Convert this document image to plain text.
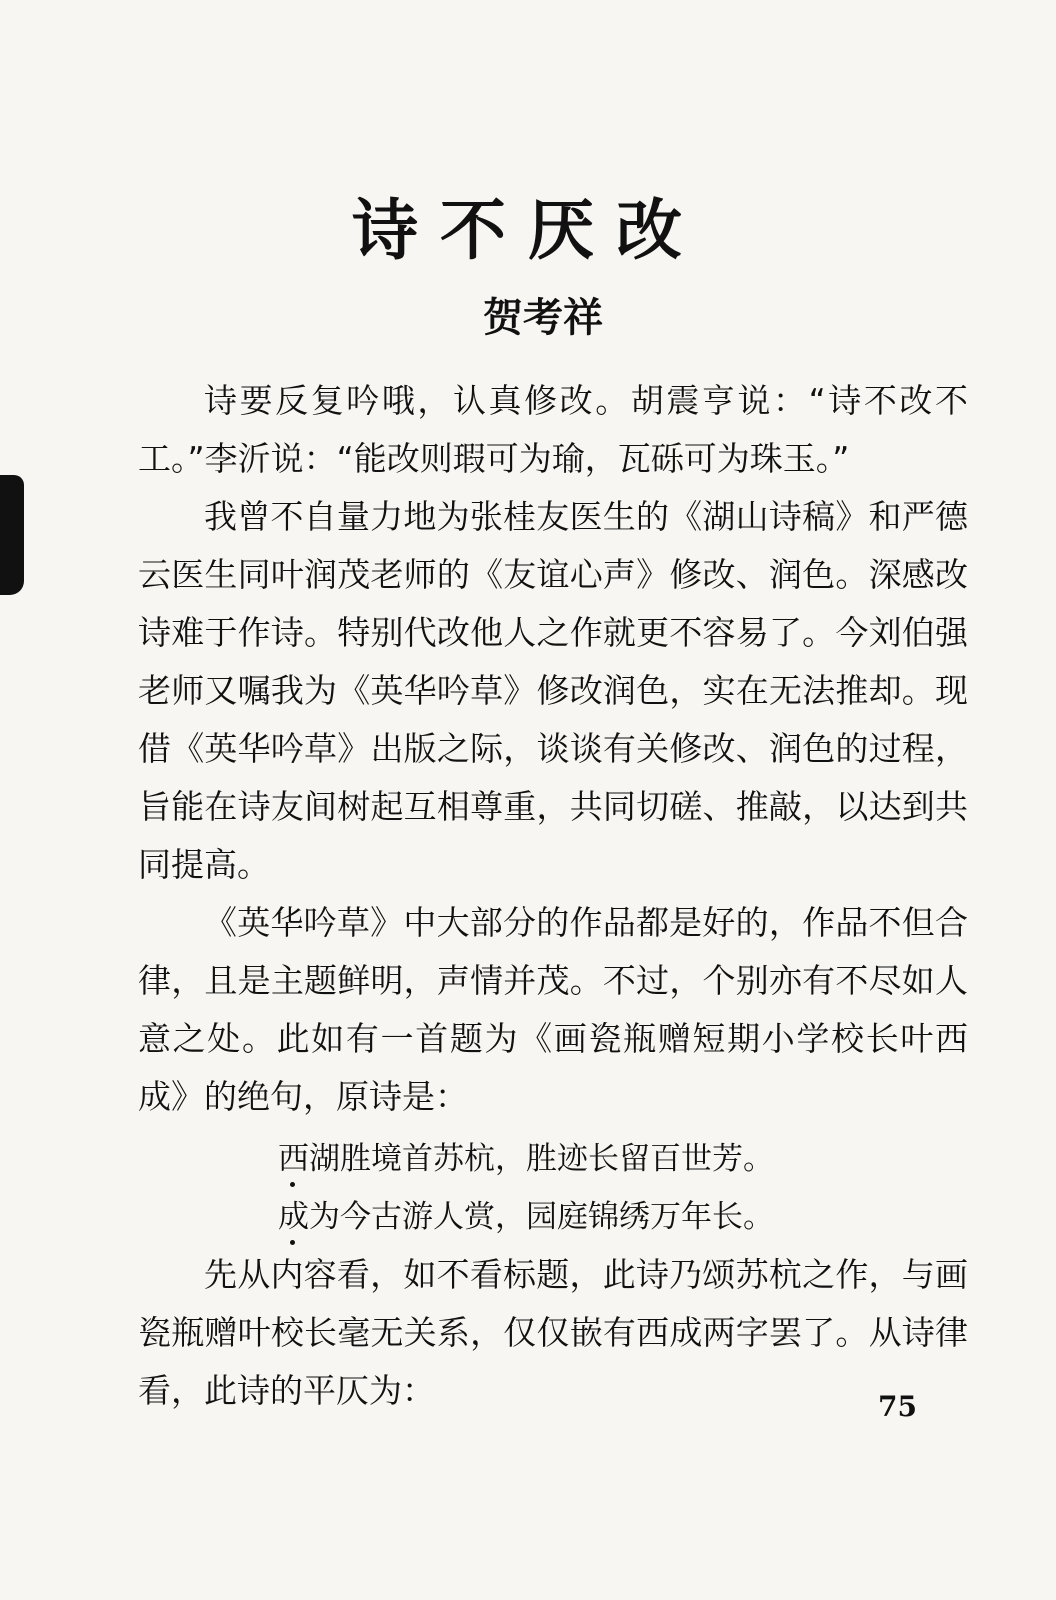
诗不厌改
贺考祥

诗要反复吟哦，认真修改。胡震亨说：“诗不改不工。”李沂说：“能改则瑕可为瑜，瓦砾可为珠玉。”

我曾不自量力地为张桂友医生的《湖山诗稿》和严德云医生同叶润茂老师的《友谊心声》修改、润色。深感改诗难于作诗。特别代改他人之作就更不容易了。今刘伯强老师又嘱我为《英华吟草》修改润色，实在无法推却。现借《英华吟草》出版之际，谈谈有关修改、润色的过程，旨能在诗友间树起互相尊重，共同切磋、推敲，以达到共同提高。

《英华吟草》中大部分的作品都是好的，作品不但合律，且是主题鲜明，声情并茂。不过，个别亦有不尽如人意之处。此如有一首题为《画瓷瓶赠短期小学校长叶西成》的绝句，原诗是：

西湖胜境首苏杭，胜迹长留百世芳。
成为今古游人赏，园庭锦绣万年长。

先从内容看，如不看标题，此诗乃颂苏杭之作，与画瓷瓶赠叶校长毫无关系，仅仅嵌有西成两字罢了。从诗律看，此诗的平仄为：	75
